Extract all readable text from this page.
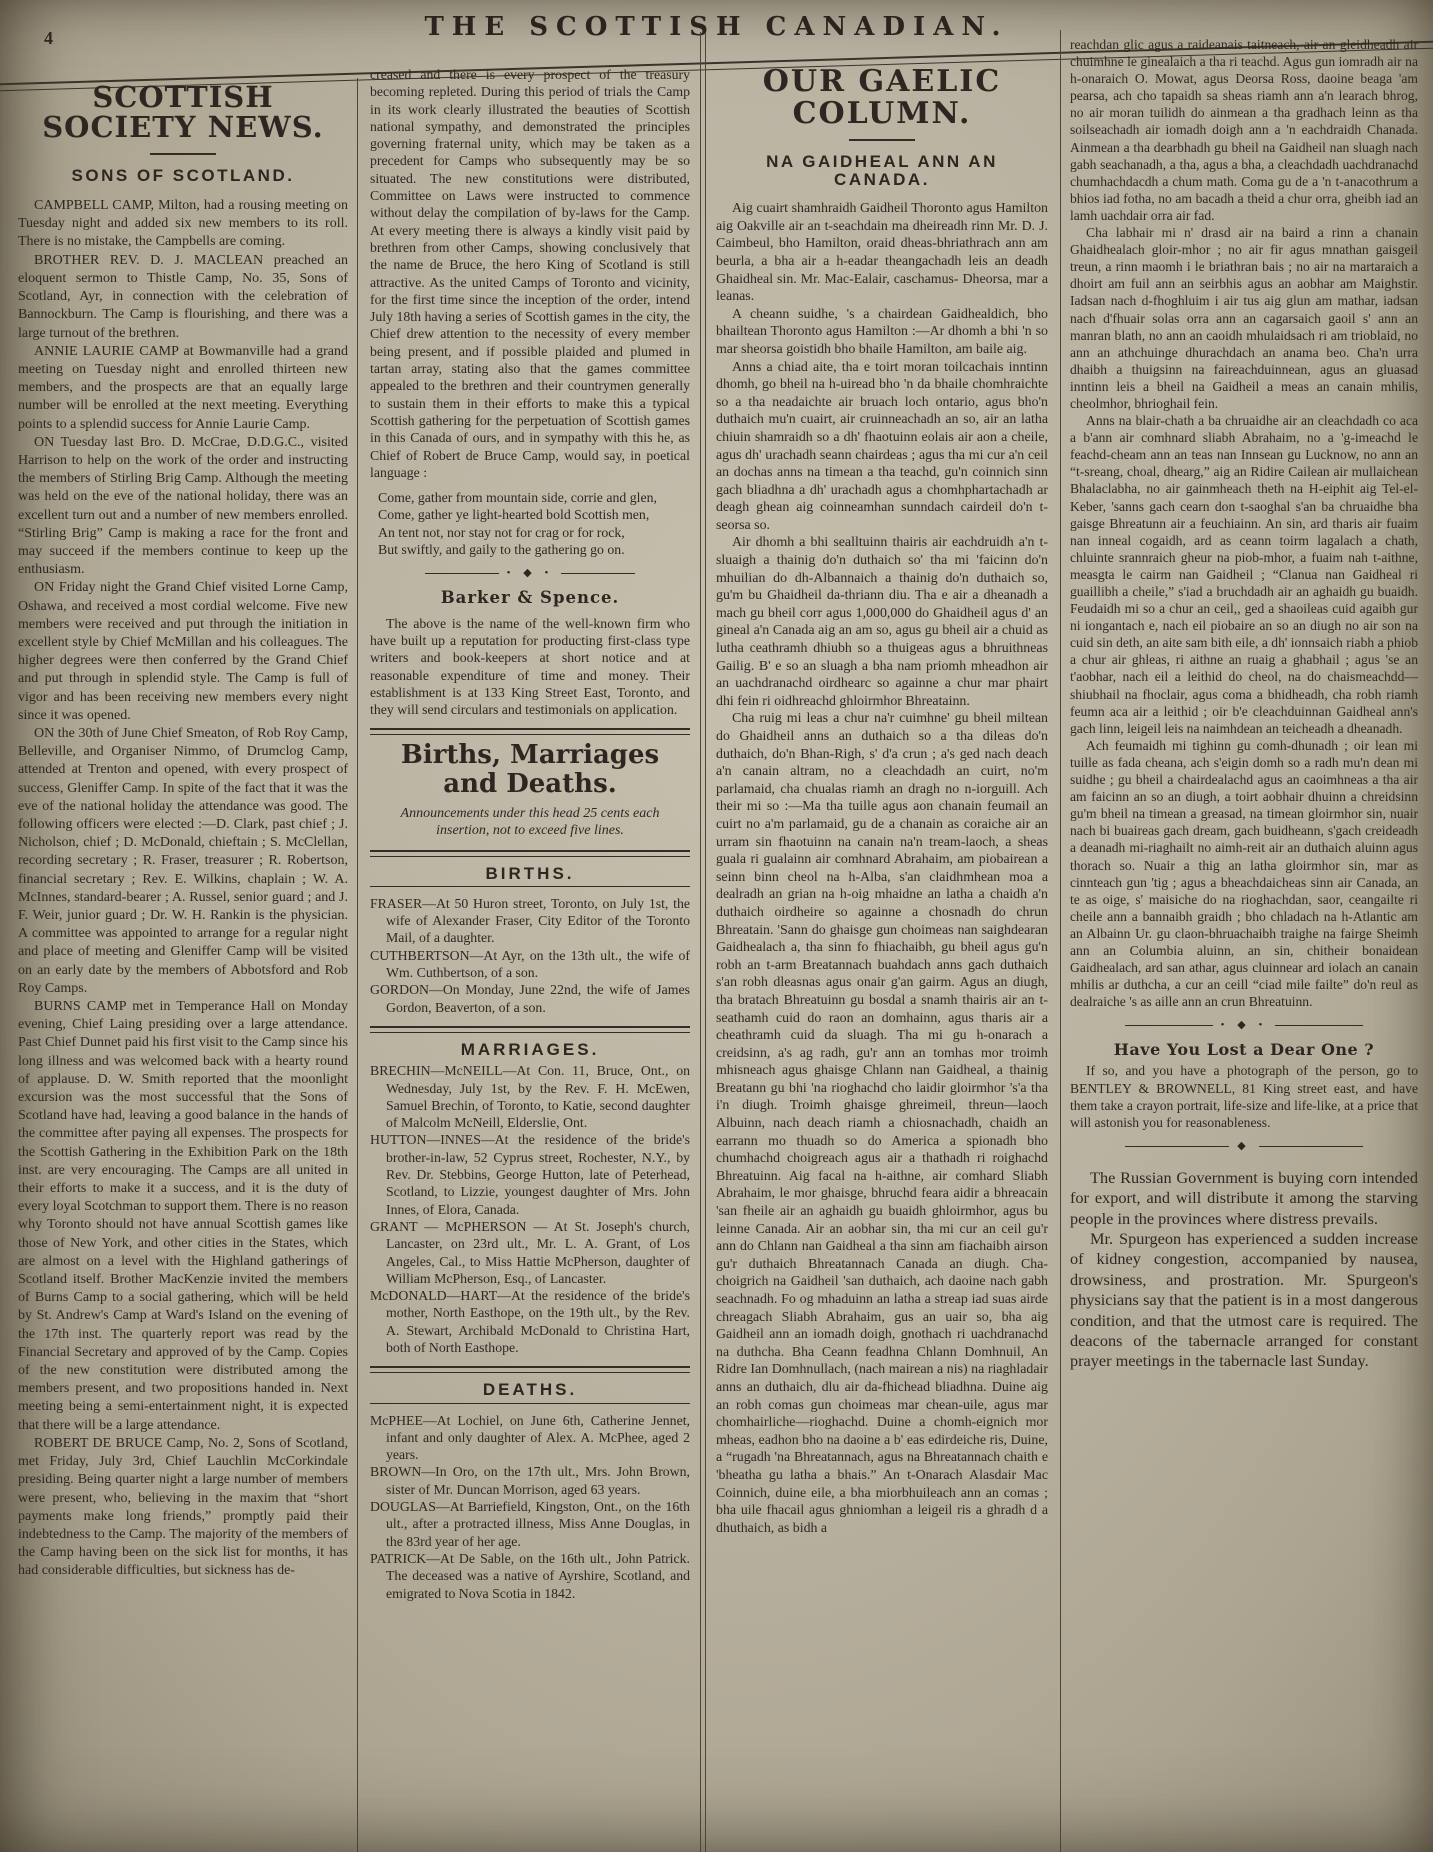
4	THE SCOTTISH CANADIAN.
SCOTTISH SOCIETY NEWS.
SONS OF SCOTLAND.

CAMPBELL CAMP, Milton, had a rousing meeting on Tuesday night and added six new members to its roll. There is no mistake, the Campbells are coming.

BROTHER REV. D. J. MACLEAN preached an eloquent sermon to Thistle Camp, No. 35, Sons of Scotland, Ayr, in connection with the celebration of Bannockburn. The Camp is flourishing, and there was a large turnout of the brethren.

ANNIE LAURIE CAMP at Bowmanville had a grand meeting on Tuesday night and enrolled thirteen new members, and the prospects are that an equally large number will be enrolled at the next meeting. Everything points to a splendid success for Annie Laurie Camp.

ON Tuesday last Bro. D. McCrae, D.D.G.C., visited Harrison to help on the work of the order and instructing the members of Stirling Brig Camp. Although the meeting was held on the eve of the national holiday, there was an excellent turn out and a number of new members enrolled. “Stirling Brig” Camp is making a race for the front and may succeed if the members continue to keep up the enthusiasm.

ON Friday night the Grand Chief visited Lorne Camp, Oshawa, and received a most cordial welcome. Five new members were received and put through the initiation in excellent style by Chief McMillan and his colleagues. The higher degrees were then conferred by the Grand Chief and put through in splendid style. The Camp is full of vigor and has been receiving new members every night since it was opened.

ON the 30th of June Chief Smeaton, of Rob Roy Camp, Belleville, and Organiser Nimmo, of Drumclog Camp, attended at Trenton and opened, with every prospect of success, Gleniffer Camp. In spite of the fact that it was the eve of the national holiday the attendance was good. The following officers were elected :—D. Clark, past chief ; J. Nicholson, chief ; D. McDonald, chieftain ; S. McClellan, recording secretary ; R. Fraser, treasurer ; R. Robertson, financial secretary ; Rev. E. Wilkins, chaplain ; W. A. McInnes, standard-bearer ; A. Russel, senior guard ; and J. F. Weir, junior guard ; Dr. W. H. Rankin is the physician. A committee was appointed to arrange for a regular night and place of meeting and Gleniffer Camp will be visited on an early date by the members of Abbotsford and Rob Roy Camps.

BURNS CAMP met in Temperance Hall on Monday evening, Chief Laing presiding over a large attendance. Past Chief Dunnet paid his first visit to the Camp since his long illness and was welcomed back with a hearty round of applause. D. W. Smith reported that the moonlight excursion was the most successful that the Sons of Scotland have had, leaving a good balance in the hands of the committee after paying all expenses. The prospects for the Scottish Gathering in the Exhibition Park on the 18th inst. are very encouraging. The Camps are all united in their efforts to make it a success, and it is the duty of every loyal Scotchman to support them. There is no reason why Toronto should not have annual Scottish games like those of New York, and other cities in the States, which are almost on a level with the Highland gatherings of Scotland itself. Brother MacKenzie invited the members of Burns Camp to a social gathering, which will be held by St. Andrew's Camp at Ward's Island on the evening of the 17th inst. The quarterly report was read by the Financial Secretary and approved of by the Camp. Copies of the new constitution were distributed among the members present, and two propositions handed in. Next meeting being a semi-entertainment night, it is expected that there will be a large attendance.

ROBERT DE BRUCE Camp, No. 2, Sons of Scotland, met Friday, July 3rd, Chief Lauchlin McCorkindale presiding. Being quarter night a large number of members were present, who, believing in the maxim that “short payments make long friends,” promptly paid their indebtedness to the Camp. The majority of the members of the Camp having been on the sick list for months, it has had considerable difficulties, but sickness has de-

creased and there is every prospect of the treasury becoming repleted. During this period of trials the Camp in its work clearly illustrated the beauties of Scottish national sympathy, and demonstrated the principles governing fraternal unity, which may be taken as a precedent for Camps who subsequently may be so situated. The new constitutions were distributed, Committee on Laws were instructed to commence without delay the compilation of by-laws for the Camp. At every meeting there is always a kindly visit paid by brethren from other Camps, showing conclusively that the name de Bruce, the hero King of Scotland is still attractive. As the united Camps of Toronto and vicinity, for the first time since the inception of the order, intend July 18th having a series of Scottish games in the city, the Chief drew attention to the necessity of every member being present, and if possible plaided and plumed in tartan array, stating also that the games committee appealed to the brethren and their countrymen generally to sustain them in their efforts to make this a typical Scottish gathering for the perpetuation of Scottish games in this Canada of ours, and in sympathy with this he, as Chief of Robert de Bruce Camp, would say, in poetical language :

Come, gather from mountain side, corrie and glen,
Come, gather ye light-hearted bold Scottish men,
An tent not, nor stay not for crag or for rock,
But swiftly, and gaily to the gathering go on.
• ◆ •
Barker & Spence.

The above is the name of the well-known firm who have built up a reputation for producting first-class type writers and book-keepers at short notice and at reasonable expenditure of time and money. Their establishment is at 133 King Street East, Toronto, and they will send circulars and testimonials on application.

Births, Marriages and Deaths.
Announcements under this head 25 cents each insertion, not to exceed five lines.
BIRTHS.

FRASER—At 50 Huron street, Toronto, on July 1st, the wife of Alexander Fraser, City Editor of the Toronto Mail, of a daughter.

CUTHBERTSON—At Ayr, on the 13th ult., the wife of Wm. Cuthbertson, of a son.

GORDON—On Monday, June 22nd, the wife of James Gordon, Beaverton, of a son.

MARRIAGES.

BRECHIN—McNEILL—At Con. 11, Bruce, Ont., on Wednesday, July 1st, by the Rev. F. H. McEwen, Samuel Brechin, of Toronto, to Katie, second daughter of Malcolm McNeill, Elderslie, Ont.

HUTTON—INNES—At the residence of the bride's brother-in-law, 52 Cyprus street, Rochester, N.Y., by Rev. Dr. Stebbins, George Hutton, late of Peterhead, Scotland, to Lizzie, youngest daughter of Mrs. John Innes, of Elora, Canada.

GRANT — McPHERSON — At St. Joseph's church, Lancaster, on 23rd ult., Mr. L. A. Grant, of Los Angeles, Cal., to Miss Hattie McPherson, daughter of William McPherson, Esq., of Lancaster.

McDONALD—HART—At the residence of the bride's mother, North Easthope, on the 19th ult., by the Rev. A. Stewart, Archibald McDonald to Christina Hart, both of North Easthope.

DEATHS.

McPHEE—At Lochiel, on June 6th, Catherine Jennet, infant and only daughter of Alex. A. McPhee, aged 2 years.

BROWN—In Oro, on the 17th ult., Mrs. John Brown, sister of Mr. Duncan Morrison, aged 63 years.

DOUGLAS—At Barriefield, Kingston, Ont., on the 16th ult., after a protracted illness, Miss Anne Douglas, in the 83rd year of her age.

PATRICK—At De Sable, on the 16th ult., John Patrick. The deceased was a native of Ayrshire, Scotland, and emigrated to Nova Scotia in 1842.

OUR GAELIC COLUMN.
NA GAIDHEAL ANN AN CANADA.

Aig cuairt shamhraidh Gaidheil Thoronto agus Hamilton aig Oakville air an t-seachdain ma dheireadh rinn Mr. D. J. Caimbeul, bho Hamilton, oraid dheas-bhriathrach ann am beurla, a bha air a h-eadar theangachadh leis an deadh Ghaidheal sin. Mr. Mac-Ealair, caschamus- Dheorsa, mar a leanas.

A cheann suidhe, 's a chairdean Gaidhealdich, bho bhailtean Thoronto agus Hamilton :—Ar dhomh a bhi 'n so mar sheorsa goistidh bho bhaile Hamilton, am baile aig.

Anns a chiad aite, tha e toirt moran toilcachais inntinn dhomh, go bheil na h-uiread bho 'n da bhaile chomhraichte so a tha neadaichte air bruach loch ontario, agus bho'n duthaich mu'n cuairt, air cruinneachadh an so, air an latha chiuin shamraidh so a dh' fhaotuinn eolais air aon a cheile, agus dh' urachadh seann chairdeas ; agus tha mi cur a'n ceil an dochas anns na timean a tha teachd, gu'n coinnich sinn gach bliadhna a dh' urachadh agus a chomhphartachadh ar deagh ghean aig coinneamhan sunndach cairdeil do'n t-seorsa so.

Air dhomh a bhi sealltuinn thairis air eachdruidh a'n t-sluaigh a thainig do'n duthaich so' tha mi 'faicinn do'n mhuilian do dh-Albannaich a thainig do'n duthaich so, gu'm bu Ghaidheil da-thriann diu. Tha e air a dheanadh a mach gu bheil corr agus 1,000,000 do Ghaidheil agus d' an gineal a'n Canada aig an am so, agus gu bheil air a chuid as lutha ceathramh dhiubh so a thuigeas agus a bhruithneas Gailig. B' e so an sluagh a bha nam priomh mheadhon air an uachdranachd oirdhearc so againne a chur mar phairt dhi fein ri oidhreachd ghloirmhor Bhreatainn.

Cha ruig mi leas a chur na'r cuimhne' gu bheil miltean do Ghaidheil anns an duthaich so a tha dileas do'n duthaich, do'n Bhan-Righ, s' d'a crun ; a's ged nach deach a'n canain altram, no a cleachdadh an cuirt, no'm parlamaid, cha chualas riamh an dragh no n-iorguill. Ach their mi so :—Ma tha tuille agus aon chanain feumail an cuirt no a'm parlamaid, gu de a chanain as coraiche air an urram sin fhaotuinn na canain na'n tream-laoch, a sheas guala ri gualainn air comhnard Abrahaim, am piobairean a seinn binn cheol na h-Alba, s'an claidhmhean moa a dealradh an grian na h-oig mhaidne an latha a chaidh a'n duthaich oirdheire so againne a chosnadh do chrun Bhreatain. 'Sann do ghaisge gun choimeas nan saighdearan Gaidhealach a, tha sinn fo fhiachaibh, gu bheil agus gu'n robh an t-arm Breatannach buahdach anns gach duthaich s'an robh dleasnas agus onair g'an gairm. Agus an diugh, tha bratach Bhreatuinn gu bosdal a snamh thairis air an t-seathamh cuid do raon an domhainn, agus tharis air a cheathramh cuid da sluagh. Tha mi gu h-onarach a creidsinn, a's ag radh, gu'r ann an tomhas mor troimh mhisneach agus ghaisge Chlann nan Gaidheal, a thainig Breatann gu bhi 'na rioghachd cho laidir gloirmhor 's'a tha i'n diugh. Troimh ghaisge ghreimeil, threun—laoch Albuinn, nach deach riamh a chiosnachadh, chaidh an earrann mo thuadh so do America a spionadh bho chumhachd choigreach agus air a thathadh ri roighachd Bhreatuinn. Aig facal na h-aithne, air comhard Sliabh Abrahaim, le mor ghaisge, bhruchd feara aidir a bhreacain 'san fheile air an aghaidh gu buaidh ghloirmhor, agus bu leinne Canada. Air an aobhar sin, tha mi cur an ceil gu'r ann do Chlann nan Gaidheal a tha sinn am fiachaibh airson gu'r duthaich Bhreatannach Canada an diugh. Cha-choigrich na Gaidheil 'san duthaich, ach daoine nach gabh seachnadh. Fo og mhaduinn an latha a streap iad suas airde chreagach Sliabh Abrahaim, gus an uair so, bha aig Gaidheil ann an iomadh doigh, gnothach ri uachdranachd na duthcha. Bha Ceann feadhna Chlann Domhnuil, An Ridre Ian Domhnullach, (nach mairean a nis) na riaghladair anns an duthaich, dlu air da-fhichead bliadhna. Duine aig an robh comas gun choimeas mar chean-uile, agus mar chomhairliche—rioghachd. Duine a chomh-eignich mor mheas, eadhon bho na daoine a b' eas edirdeiche ris, Duine, a “rugadh 'na Bhreatannach, agus na Bhreatannach chaith e 'bheatha gu latha a bhais.” An t-Onarach Alasdair Mac Coinnich, duine eile, a bha miorbhuileach ann an comas ; bha uile fhacail agus ghniomhan a leigeil ris a ghradh d a dhuthaich, as bidh a

reachdan glic agus a raideanais taitneach, air an gleidheadh air chuimhne le ginealaich a tha ri teachd. Agus gun iomradh air na h-onaraich O. Mowat, agus Deorsa Ross, daoine beaga 'am pearsa, ach cho tapaidh sa sheas riamh ann a'n learach bhrog, no air moran tuilidh do ainmean a tha gradhach leinn as tha soilseachadh air iomadh doigh ann a 'n eachdraidh Chanada. Ainmean a tha dearbhadh gu bheil na Gaidheil nan sluagh nach gabh seachanadh, a tha, agus a bha, a cleachdadh uachdranachd chumhachdacdh a chum math. Coma gu de a 'n t-anacothrum a bhios iad fotha, no am bacadh a theid a chur orra, gheibh iad an lamh uachdair orra air fad.

Cha labhair mi n' drasd air na baird a rinn a chanain Ghaidhealach gloir-mhor ; no air fir agus mnathan gaisgeil treun, a rinn maomh i le briathran bais ; no air na martaraich a dhoirt am fuil ann an seirbhis agus an aobhar am Maighstir. Iadsan nach d-fhoghluim i air tus aig glun am mathar, iadsan nach d'fhuair solas orra ann an cagarsaich gaoil s' ann an manran blath, no ann an caoidh mhulaidsach ri am trioblaid, no ann an athchuinge dhurachdach an anama beo. Cha'n urra dhaibh a thuigsinn na faireachduinnean, agus an gluasad inntinn leis a bheil na Gaidheil a meas an canain mhilis, cheolmhor, bhrioghail fein.

Anns na blair-chath a ba chruaidhe air an cleachdadh co aca a b'ann air comhnard sliabh Abrahaim, no a 'g-imeachd le feachd-cheam ann an teas nan Innsean gu Lucknow, no ann an “t-sreang, choal, dhearg,” aig an Ridire Cailean air mullaichean Bhalaclabha, no air gainmheach theth na H-eiphit aig Tel-el-Keber, 'sanns gach cearn don t-saoghal s'an ba chruaidhe bha gaisge Bhreatunn air a feuchiainn. An sin, ard tharis air fuaim nan inneal cogaidh, ard as ceann toirm lagalach a chath, chluinte srannraich gheur na piob-mhor, a fuaim nah t-aithne, measgta le cairm nan Gaidheil ; “Clanua nan Gaidheal ri guaillibh a cheile,” s'iad a bruchdadh air an aghaidh gu buaidh. Feudaidh mi so a chur an ceil,, ged a shaoileas cuid agaibh gur ni iongantach e, nach eil piobaire an so an diugh no air son na cuid sin deth, an aite sam bith eile, a dh' ionnsaich riabh a phiob a chur air ghleas, ri aithne an ruaig a ghabhail ; agus 'se an t'aobhar, nach eil a leithid do cheol, na do chaismeachdd—shiubhail na fhoclair, agus coma a bhidheadh, cha robh riamh feumn aca air a leithid ; oir b'e cleachduinnan Gaidheal ann's gach linn, leigeil leis na naimhdean an teicheadh a dheanadh.

Ach feumaidh mi tighinn gu comh-dhunadh ; oir lean mi tuille as fada cheana, ach s'eigin domh so a radh mu'n dean mi suidhe ; gu bheil a chairdealachd agus an caoimhneas a tha air am faicinn an so an diugh, a toirt aobhair dhuinn a chreidsinn gu'm bheil na timean a greasad, na timean gloirmhor sin, nuair nach bi buaireas gach dream, gach buidheann, s'gach creideadh a deanadh mi-riaghailt no aimh-reit air an duthaich aluinn agus thorach so. Nuair a thig an latha gloirmhor sin, mar as cinnteach gun 'tig ; agus a bheachdaicheas sinn air Canada, an te as oige, s' maisiche do na rioghachdan, saor, ceangailte ri cheile ann a bannaibh graidh ; bho chladach na h-Atlantic am an Albainn Ur. gu claon-bhruachaibh traighe na fairge Sheimh ann an Columbia aluinn, an sin, chitheir bonaidean Gaidhealach, ard san athar, agus cluinnear ard iolach an canain mhilis ar duthcha, a cur an ceill “ciad mile failte” do'n reul as dealraiche 's as aille ann an crun Bhreatuinn.

• ◆ •
Have You Lost a Dear One ?

If so, and you have a photograph of the person, go to BENTLEY & BROWNELL, 81 King street east, and have them take a crayon portrait, life-size and life-like, at a price that will astonish you for reasonableness.

◆

The Russian Government is buying corn intended for export, and will distribute it among the starving people in the provinces where distress prevails.

Mr. Spurgeon has experienced a sudden increase of kidney congestion, accompanied by nausea, drowsiness, and prostration. Mr. Spurgeon's physicians say that the patient is in a most dangerous condition, and that the utmost care is required. The deacons of the tabernacle arranged for constant prayer meetings in the tabernacle last Sunday.
